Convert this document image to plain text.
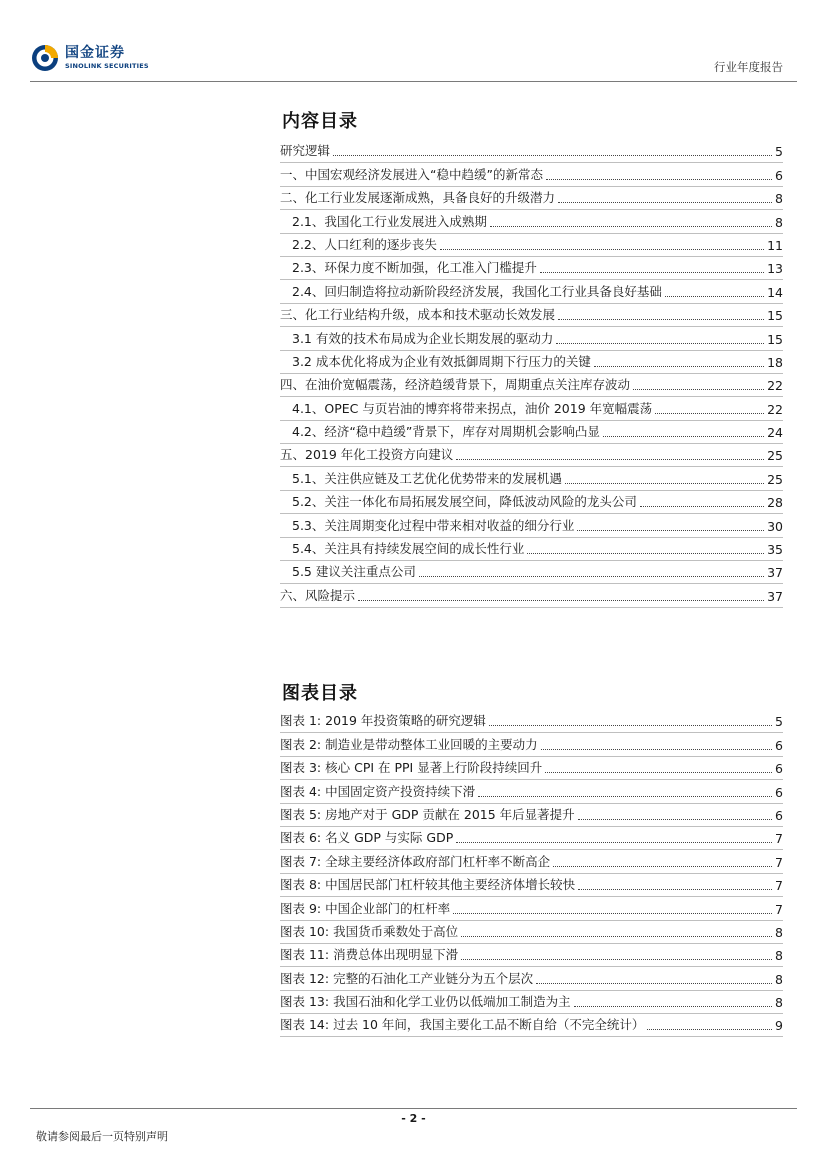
国金证券
SINOLINK SECURITIES	行业年度报告
内容目录
研究逻辑	5
一、中国宏观经济发展进入“稳中趋缓”的新常态	6
二、化工行业发展逐渐成熟，具备良好的升级潜力	8
2.1、我国化工行业发展进入成熟期	8
2.2、人口红利的逐步丧失	11
2.3、环保力度不断加强，化工准入门槛提升	13
2.4、回归制造将拉动新阶段经济发展，我国化工行业具备良好基础	14
三、化工行业结构升级，成本和技术驱动长效发展	15
3.1 有效的技术布局成为企业长期发展的驱动力	15
3.2 成本优化将成为企业有效抵御周期下行压力的关键	18
四、在油价宽幅震荡，经济趋缓背景下，周期重点关注库存波动	22
4.1、OPEC 与页岩油的博弈将带来拐点，油价 2019 年宽幅震荡	22
4.2、经济“稳中趋缓”背景下，库存对周期机会影响凸显	24
五、2019 年化工投资方向建议	25
5.1、关注供应链及工艺优化优势带来的发展机遇	25
5.2、关注一体化布局拓展发展空间，降低波动风险的龙头公司	28
5.3、关注周期变化过程中带来相对收益的细分行业	30
5.4、关注具有持续发展空间的成长性行业	35
5.5 建议关注重点公司	37
六、风险提示	37
图表目录
图表 1: 2019 年投资策略的研究逻辑	5
图表 2: 制造业是带动整体工业回暖的主要动力	6
图表 3: 核心 CPI 在 PPI 显著上行阶段持续回升	6
图表 4: 中国固定资产投资持续下滑	6
图表 5: 房地产对于 GDP 贡献在 2015 年后显著提升	6
图表 6: 名义 GDP 与实际 GDP	7
图表 7: 全球主要经济体政府部门杠杆率不断高企	7
图表 8: 中国居民部门杠杆较其他主要经济体增长较快	7
图表 9: 中国企业部门的杠杆率	7
图表 10: 我国货币乘数处于高位	8
图表 11: 消费总体出现明显下滑	8
图表 12: 完整的石油化工产业链分为五个层次	8
图表 13: 我国石油和化学工业仍以低端加工制造为主	8
图表 14: 过去 10 年间，我国主要化工品不断自给（不完全统计）	9
- 2 -
敬请参阅最后一页特别声明
